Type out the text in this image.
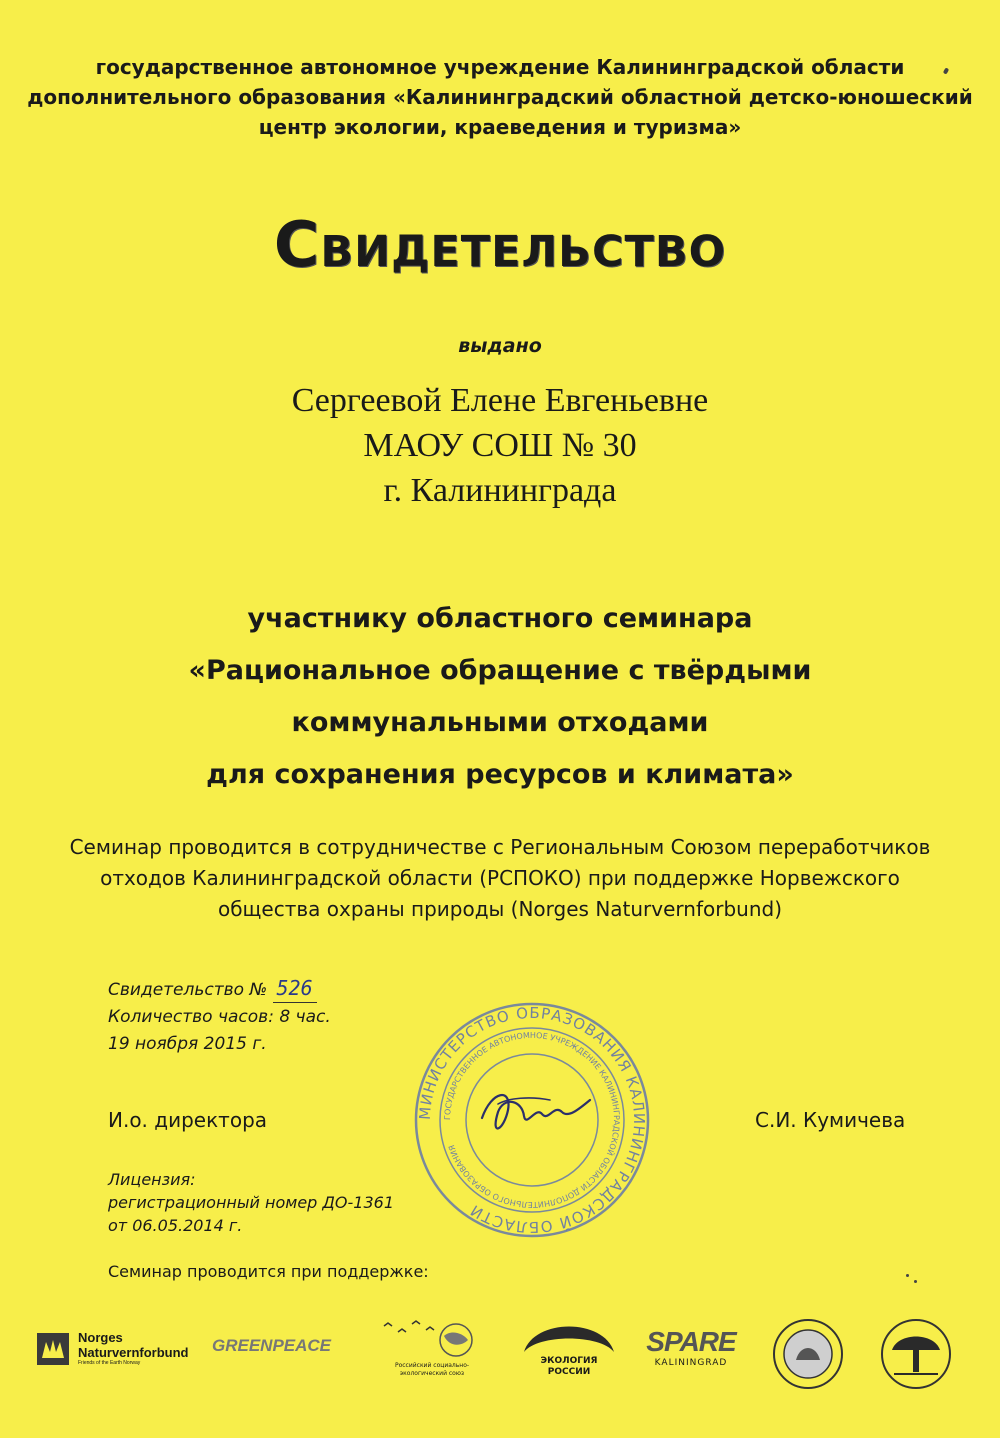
государственное автономное учреждение Калининградской области
дополнительного образования «Калининградский областной детско-юношеский
центр экологии, краеведения и туризма»
Свидетельство
выдано
Сергеевой Елене Евгеньевне
МАОУ СОШ № 30
г. Калининграда
участнику областного семинара
«Рациональное обращение с твёрдыми
коммунальными отходами
для сохранения ресурсов и климата»
Семинар проводится в сотрудничестве с Региональным Союзом переработчиков
отходов Калининградской области (РСПОКО) при поддержке Норвежского
общества охраны природы (Norges Naturvernforbund)
Свидетельство № 526
Количество часов: 8 час.
19 ноября 2015 г.
И.о. директора	С.И. Кумичева
МИНИСТЕРСТВО ОБРАЗОВАНИЯ КАЛИНИНГРАДСКОЙ ОБЛАСТИ
ГОСУДАРСТВЕННОЕ АВТОНОМНОЕ УЧРЕЖДЕНИЕ КАЛИНИНГРАДСКОЙ ОБЛАСТИ ДОПОЛНИТЕЛЬНОГО ОБРАЗОВАНИЯ
Лицензия:
регистрационный номер ДО-1361
от 06.05.2014 г.
Семинар проводится при поддержке:
Norges
Naturvernforbund
Friends of the Earth Norway
GREENPEACE
Российский социально-
экологический союз
ЭКОЛОГИЯ
РОССИИ
SPARE
KALININGRAD
